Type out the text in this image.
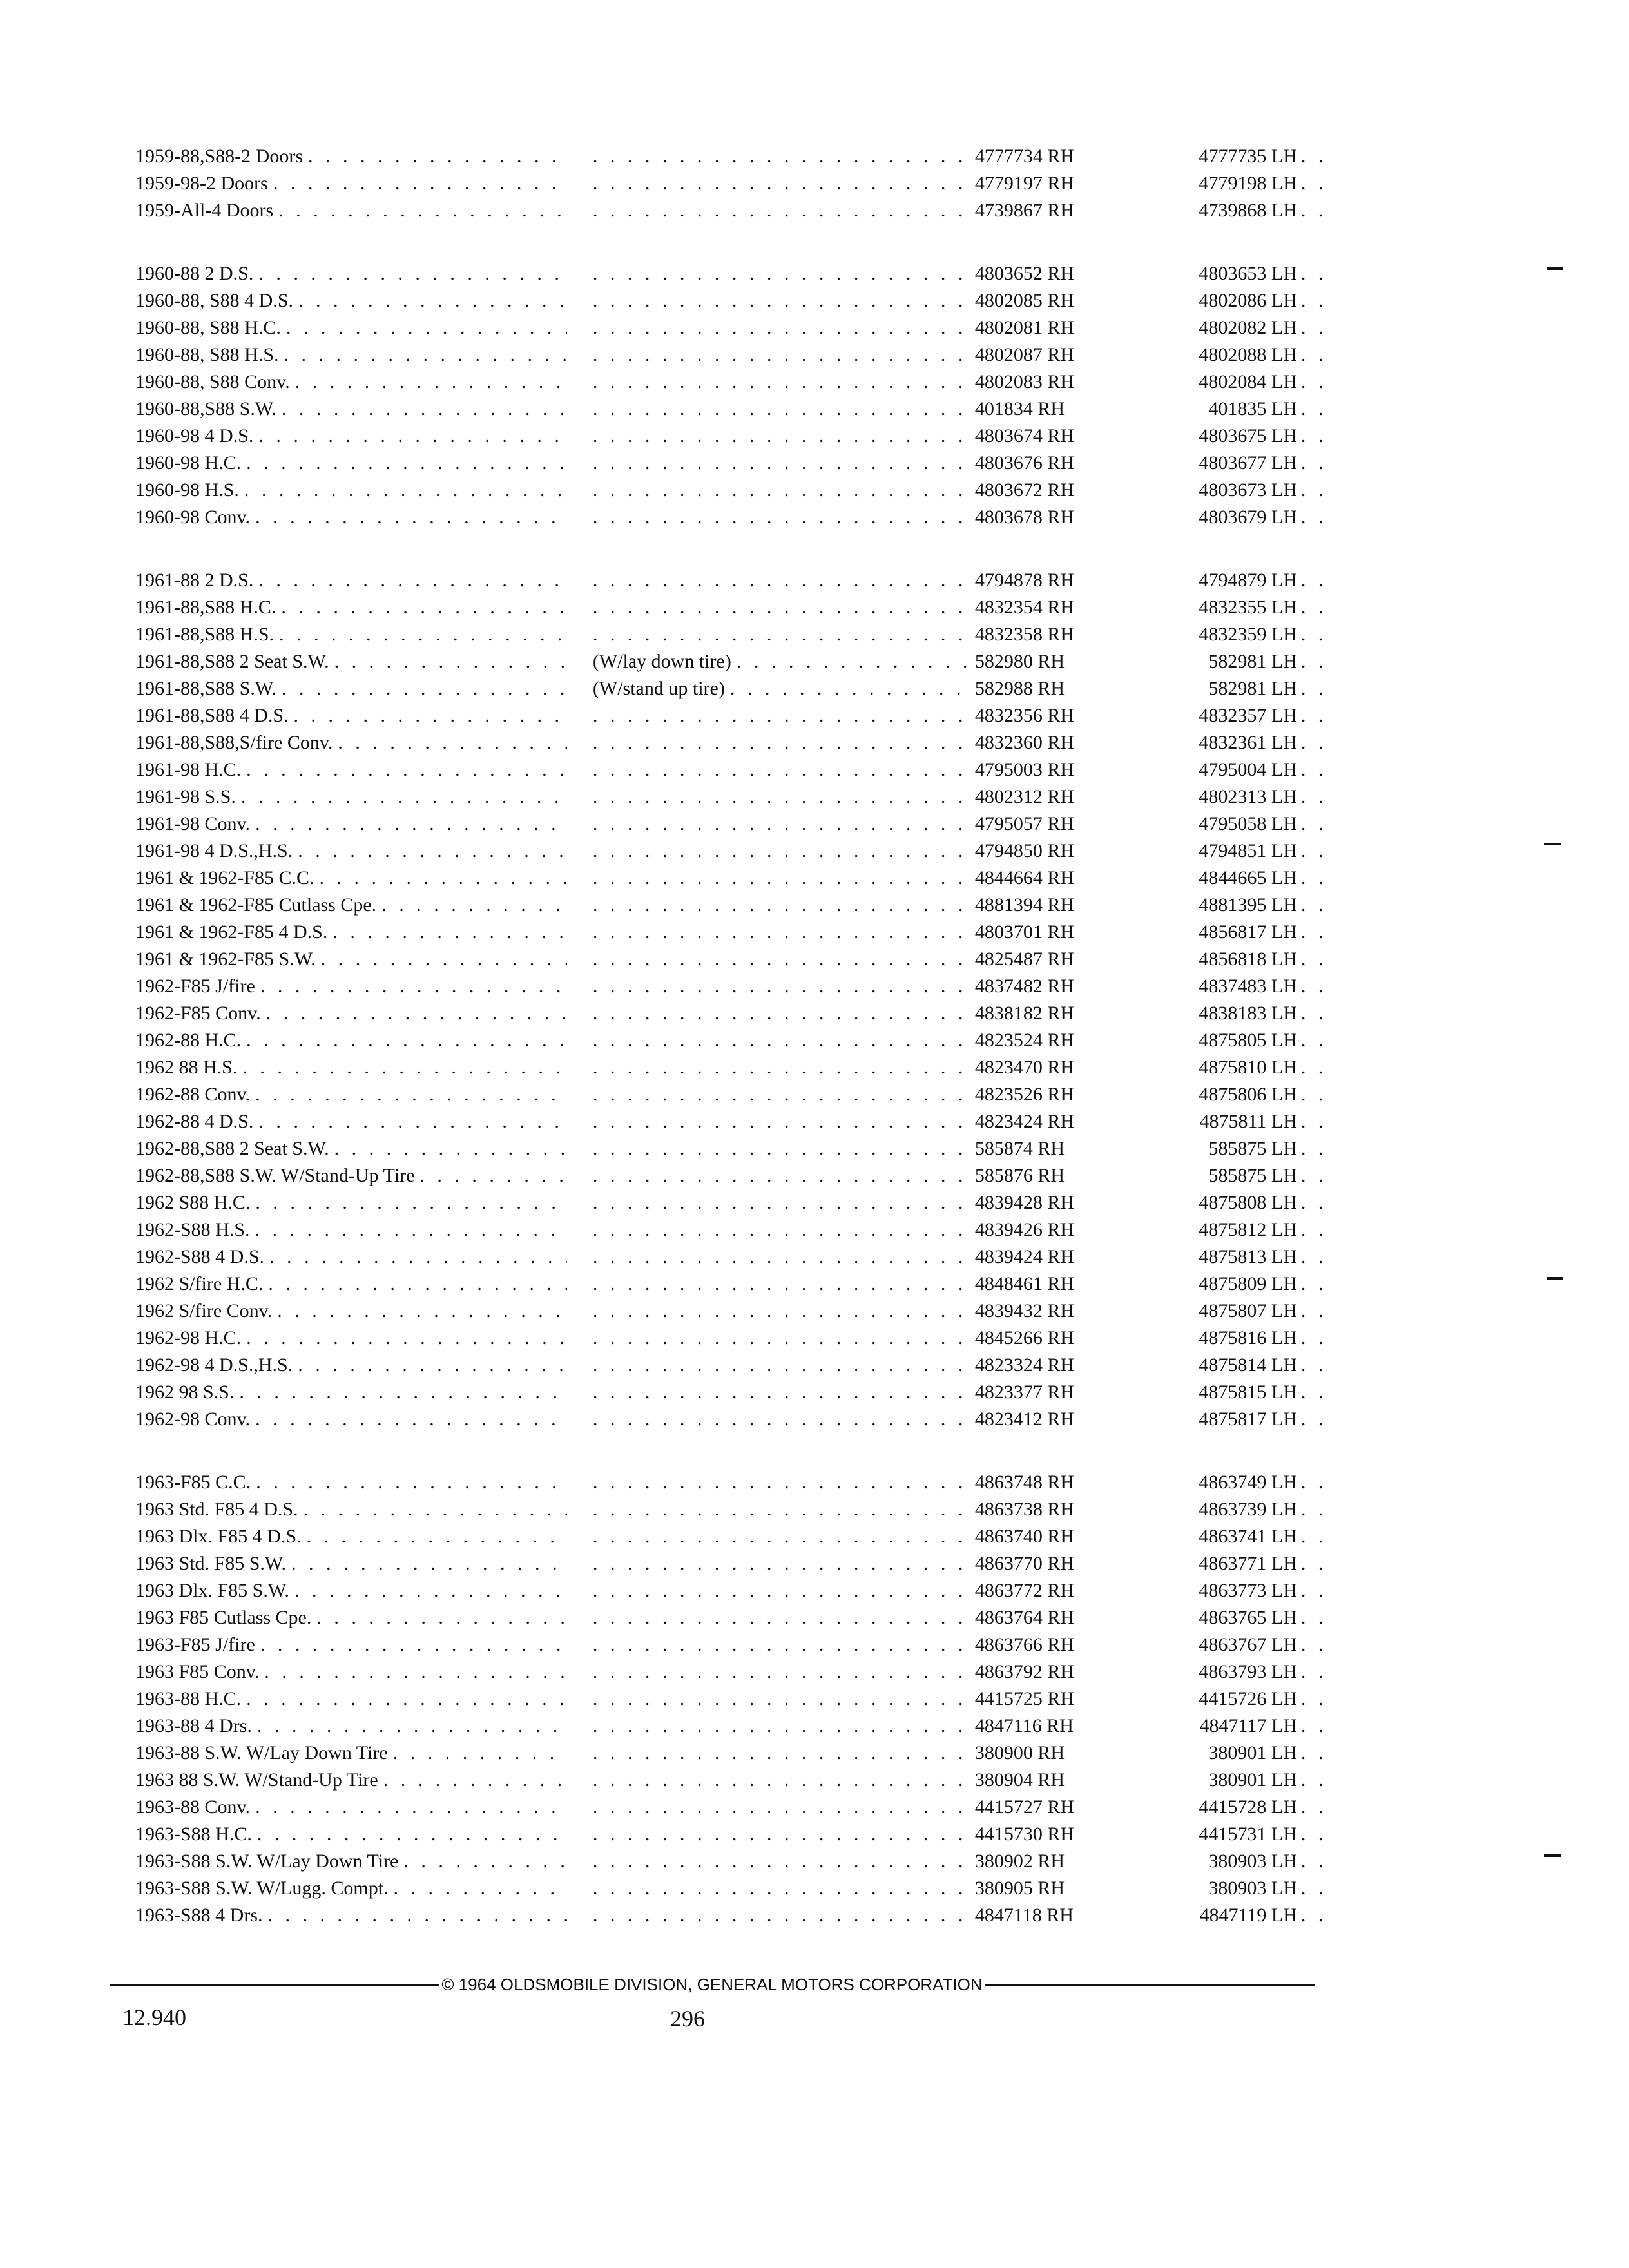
1959-88,S88-2 Doors . . . . . .	4777734 RH	4777735 LH
. . .
1959-98-2 Doors . . . . . .	4779197 RH	4779198 LH
. . .
1959-All-4 Doors . . . . . .	4739867 RH	4739868 LH
. . .
1960-88 2 D.S. . . . . . .	4803652 RH	4803653 LH
. . .
1960-88, S88 4 D.S. . . . . . .	4802085 RH	4802086 LH
. . .
1960-88, S88 H.C. . . . . . .	4802081 RH	4802082 LH
. . .
1960-88, S88 H.S. . . . . . .	4802087 RH	4802088 LH
. . .
1960-88, S88 Conv. . . . . . .	4802083 RH	4802084 LH
. . .
1960-88,S88 S.W. . . . . . .	401834 RH	401835 LH
. . .
1960-98 4 D.S. . . . . . .	4803674 RH	4803675 LH
. . .
1960-98 H.C. . . . . . .	4803676 RH	4803677 LH
. . .
1960-98 H.S. . . . . . .	4803672 RH	4803673 LH
. . .
1960-98 Conv. . . . . . .	4803678 RH	4803679 LH
. . .
1961-88 2 D.S. . . . . . .	4794878 RH	4794879 LH
. . .
1961-88,S88 H.C. . . . . . .	4832354 RH	4832355 LH
. . .
1961-88,S88 H.S. . . . . . .	4832358 RH	4832359 LH
. . .
1961-88,S88 2 Seat S.W. . . .	(W/lay down tire) . . .	582980 RH	582981 LH
. . .
1961-88,S88 S.W. . . .	(W/stand up tire) . . .	582988 RH	582981 LH
. . .
1961-88,S88 4 D.S. . . . . . .	4832356 RH	4832357 LH
. . .
1961-88,S88,S/fire Conv. . . . . . .	4832360 RH	4832361 LH
. . .
1961-98 H.C. . . . . . .	4795003 RH	4795004 LH
. . .
1961-98 S.S. . . . . . .	4802312 RH	4802313 LH
. . .
1961-98 Conv. . . . . . .	4795057 RH	4795058 LH
. . .
1961-98 4 D.S.,H.S. . . . . . .	4794850 RH	4794851 LH
. . .
1961 & 1962-F85 C.C. . . . . . .	4844664 RH	4844665 LH
. . .
1961 & 1962-F85 Cutlass Cpe. . . . . . .	4881394 RH	4881395 LH
. . .
1961 & 1962-F85 4 D.S. . . . . . .	4803701 RH	4856817 LH
. . .
1961 & 1962-F85 S.W. . . . . . .	4825487 RH	4856818 LH
. . .
1962-F85 J/fire . . . . . .	4837482 RH	4837483 LH
. . .
1962-F85 Conv. . . . . . .	4838182 RH	4838183 LH
. . .
1962-88 H.C. . . . . . .	4823524 RH	4875805 LH
. . .
1962 88 H.S. . . . . . .	4823470 RH	4875810 LH
. . .
1962-88 Conv. . . . . . .	4823526 RH	4875806 LH
. . .
1962-88 4 D.S. . . . . . .	4823424 RH	4875811 LH
. . .
1962-88,S88 2 Seat S.W. . . . . . .	585874 RH	585875 LH
. . .
1962-88,S88 S.W. W/Stand-Up Tire . . . . . .	585876 RH	585875 LH
. . .
1962 S88 H.C. . . . . . .	4839428 RH	4875808 LH
. . .
1962-S88 H.S. . . . . . .	4839426 RH	4875812 LH
. . .
1962-S88 4 D.S. . . . . . .	4839424 RH	4875813 LH
. . .
1962 S/fire H.C. . . . . . .	4848461 RH	4875809 LH
. . .
1962 S/fire Conv. . . . . . .	4839432 RH	4875807 LH
. . .
1962-98 H.C. . . . . . .	4845266 RH	4875816 LH
. . .
1962-98 4 D.S.,H.S. . . . . . .	4823324 RH	4875814 LH
. . .
1962 98 S.S. . . . . . .	4823377 RH	4875815 LH
. . .
1962-98 Conv. . . . . . .	4823412 RH	4875817 LH
. . .
1963-F85 C.C. . . . . . .	4863748 RH	4863749 LH
. . .
1963 Std. F85 4 D.S. . . . . . .	4863738 RH	4863739 LH
. . .
1963 Dlx. F85 4 D.S. . . . . . .	4863740 RH	4863741 LH
. . .
1963 Std. F85 S.W. . . . . . .	4863770 RH	4863771 LH
. . .
1963 Dlx. F85 S.W. . . . . . .	4863772 RH	4863773 LH
. . .
1963 F85 Cutlass Cpe. . . . . . .	4863764 RH	4863765 LH
. . .
1963-F85 J/fire . . . . . .	4863766 RH	4863767 LH
. . .
1963 F85 Conv. . . . . . .	4863792 RH	4863793 LH
. . .
1963-88 H.C. . . . . . .	4415725 RH	4415726 LH
. . .
1963-88 4 Drs. . . . . . .	4847116 RH	4847117 LH
. . .
1963-88 S.W. W/Lay Down Tire . . . . . .	380900 RH	380901 LH
. . .
1963 88 S.W. W/Stand-Up Tire . . . . . .	380904 RH	380901 LH
. . .
1963-88 Conv. . . . . . .	4415727 RH	4415728 LH
. . .
1963-S88 H.C. . . . . . .	4415730 RH	4415731 LH
. . .
1963-S88 S.W. W/Lay Down Tire . . . . . .	380902 RH	380903 LH
. . .
1963-S88 S.W. W/Lugg. Compt. . . . . . .	380905 RH	380903 LH
. . .
1963-S88 4 Drs. . . . . . .	4847118 RH	4847119 LH
. . .
© 1964 OLDSMOBILE DIVISION, GENERAL MOTORS CORPORATION
12.940	296
